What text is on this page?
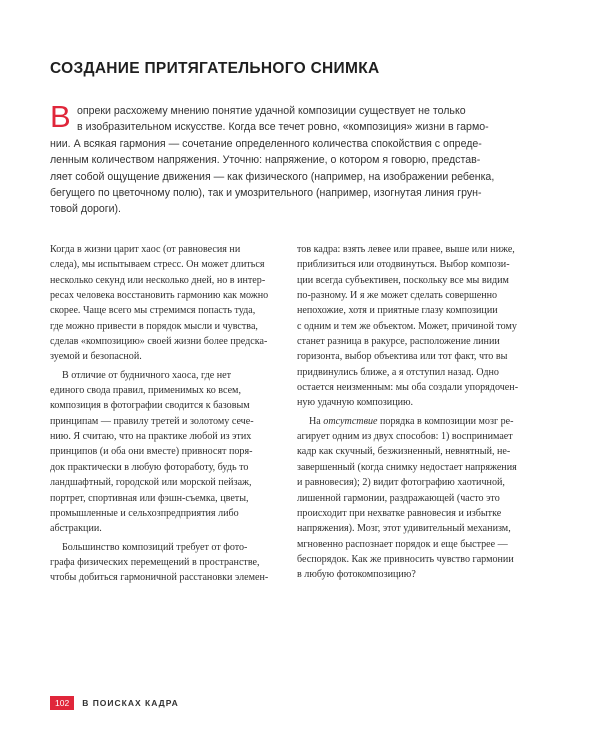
СОЗДАНИЕ ПРИТЯГАТЕЛЬНОГО СНИМКА
В опреки расхожему мнению понятие удачной композиции существует не только
в изобразительном искусстве. Когда все течет ровно, «композиция» жизни в гармо-
нии. А всякая гармония — сочетание определенного количества спокойствия с опреде-
ленным количеством напряжения. Уточню: напряжение, о котором я говорю, представ-
ляет собой ощущение движения — как физического (например, на изображении ребенка,
бегущего по цветочному полю), так и умозрительного (например, изогнутая линия грун-
товой дороги).
Когда в жизни царит хаос (от равновесия ни
следа), мы испытываем стресс. Он может длиться
несколько секунд или несколько дней, но в интер-
ресах человека восстановить гармонию как можно
скорее. Чаще всего мы стремимся попасть туда,
где можно привести в порядок мысли и чувства,
сделав «композицию» своей жизни более предска-
зуемой и безопасной.
В отличие от будничного хаоса, где нет
единого свода правил, применимых ко всем,
композиция в фотографии сводится к базовым
принципам — правилу третей и золотому сече-
нию. Я считаю, что на практике любой из этих
принципов (и оба они вместе) привносят поря-
док практически в любую фотоработу, будь то
ландшафтный, городской или морской пейзаж,
портрет, спортивная или фэшн-съемка, цветы,
промышленные и сельхозпредприятия либо
абстракции.
Большинство композиций требует от фото-
графа физических перемещений в пространстве,
чтобы добиться гармоничной расстановки элемен-
тов кадра: взять левее или правее, выше или ниже,
приблизиться или отодвинуться. Выбор компози-
ции всегда субъективен, поскольку все мы видим
по-разному. И я же может сделать совершенно
непохожие, хотя и приятные глазу композиции
с одним и тем же объектом. Может, причиной тому
станет разница в ракурсе, расположение линии
горизонта, выбор объектива или тот факт, что вы
придвинулись ближе, а я отступил назад. Одно
остается неизменным: мы оба создали упорядочен-
ную удачную композицию.
На отсутствие порядка в композиции мозг ре-
агирует одним из двух способов: 1) воспринимает
кадр как скучный, безжизненный, невнятный, не-
завершенный (когда снимку недостает напряжения
и равновесия); 2) видит фотографию хаотичной,
лишенной гармонии, раздражающей (часто это
происходит при нехватке равновесия и избытке
напряжения). Мозг, этот удивительный механизм,
мгновенно распознает порядок и еще быстрее —
беспорядок. Как же привносить чувство гармонии
в любую фотокомпозицию?
102	В ПОИСКАХ КАДРА
